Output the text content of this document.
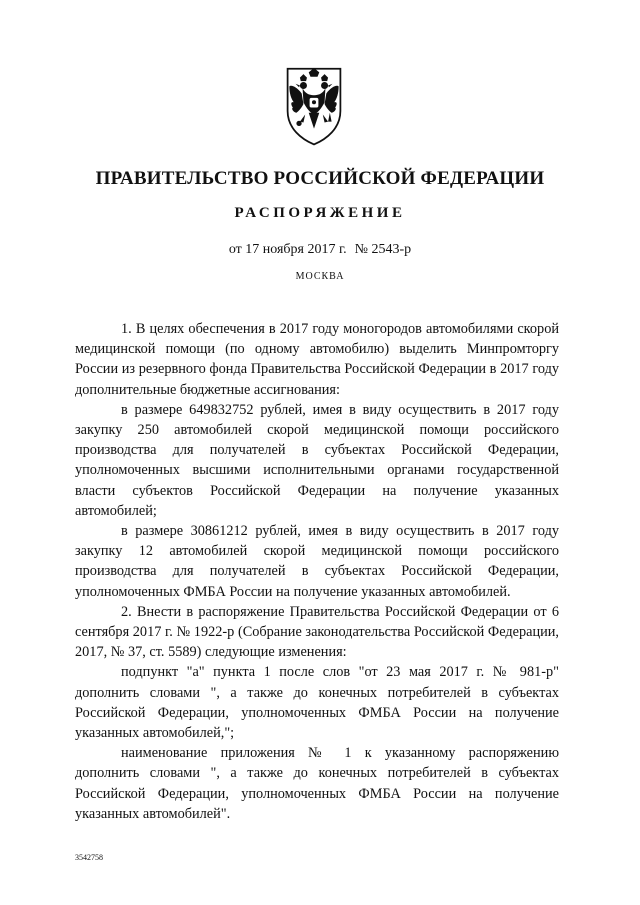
ПРАВИТЕЛЬСТВО РОССИЙСКОЙ ФЕДЕРАЦИИ
РАСПОРЯЖЕНИЕ

от 17 ноября 2017 г. № 2543-р

МОСКВА

1. В целях обеспечения в 2017 году моногородов автомобилями скорой медицинской помощи (по одному автомобилю) выделить Минпромторгу России из резервного фонда Правительства Российской Федерации в 2017 году дополнительные бюджетные ассигнования:

в размере 649832752 рублей, имея в виду осуществить в 2017 году закупку 250 автомобилей скорой медицинской помощи российского производства для получателей в субъектах Российской Федерации, уполномоченных высшими исполнительными органами государственной власти субъектов Российской Федерации на получение указанных автомобилей;

в размере 30861212 рублей, имея в виду осуществить в 2017 году закупку 12 автомобилей скорой медицинской помощи российского производства для получателей в субъектах Российской Федерации, уполномоченных ФМБА России на получение указанных автомобилей.

2. Внести в распоряжение Правительства Российской Федерации от 6 сентября 2017 г. № 1922-р (Собрание законодательства Российской Федерации, 2017, № 37, ст. 5589) следующие изменения:

подпункт "а" пункта 1 после слов "от 23 мая 2017 г. № 981-р" дополнить словами ", а также до конечных потребителей в субъектах Российской Федерации, уполномоченных ФМБА России на получение указанных автомобилей,";

наименование приложения № 1 к указанному распоряжению дополнить словами ", а также до конечных потребителей в субъектах Российской Федерации, уполномоченных ФМБА России на получение указанных автомобилей".

3542758
